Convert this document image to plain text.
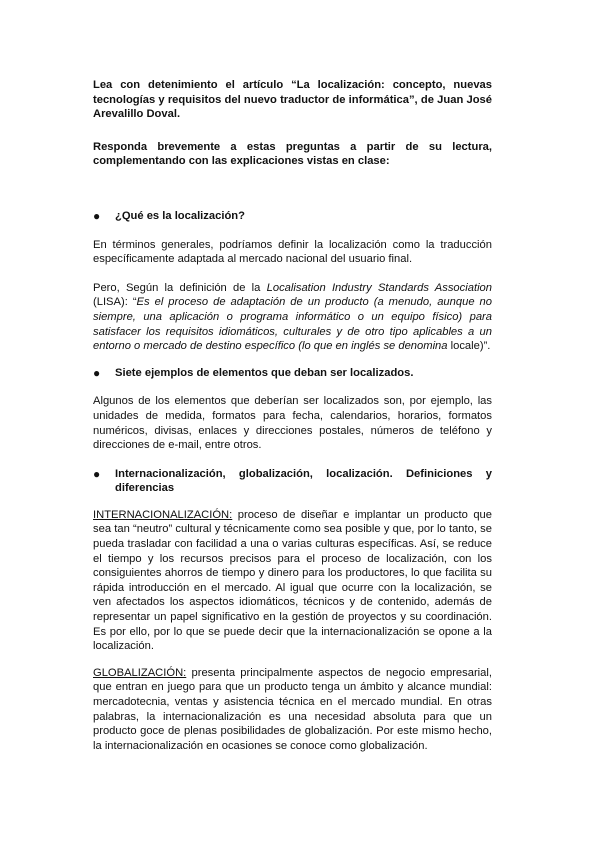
Lea con detenimiento el artículo “La localización: concepto, nuevas tecnologías y requisitos del nuevo traductor de informática”, de Juan José Arevalillo Doval.

Responda brevemente a estas preguntas a partir de su lectura, complementando con las explicaciones vistas en clase:

●	¿Qué es la localización?

En términos generales, podríamos definir la localización como la traducción específicamente adaptada al mercado nacional del usuario final.

Pero, Según la definición de la Localisation Industry Standards Association (LISA): “Es el proceso de adaptación de un producto (a menudo, aunque no siempre, una aplicación o programa informático o un equipo físico) para satisfacer los requisitos idiomáticos, culturales y de otro tipo aplicables a un entorno o mercado de destino específico (lo que en inglés se denomina locale)”.

●	Siete ejemplos de elementos que deban ser localizados.

Algunos de los elementos que deberían ser localizados son, por ejemplo, las unidades de medida, formatos para fecha, calendarios, horarios, formatos numéricos, divisas, enlaces y direcciones postales, números de teléfono y direcciones de e-mail, entre otros.

●	Internacionalización, globalización, localización. Definiciones y diferencias

INTERNACIONALIZACIÓN: proceso de diseñar e implantar un producto que sea tan “neutro” cultural y técnicamente como sea posible y que, por lo tanto, se pueda trasladar con facilidad a una o varias culturas específicas. Así, se reduce el tiempo y los recursos precisos para el proceso de localización, con los consiguientes ahorros de tiempo y dinero para los productores, lo que facilita su rápida introducción en el mercado. Al igual que ocurre con la localización, se ven afectados los aspectos idiomáticos, técnicos y de contenido, además de representar un papel significativo en la gestión de proyectos y su coordinación. Es por ello, por lo que se puede decir que la internacionalización se opone a la localización.

GLOBALIZACIÓN: presenta principalmente aspectos de negocio empresarial, que entran en juego para que un producto tenga un ámbito y alcance mundial: mercadotecnia, ventas y asistencia técnica en el mercado mundial. En otras palabras, la internacionalización es una necesidad absoluta para que un producto goce de plenas posibilidades de globalización. Por este mismo hecho, la internacionalización en ocasiones se conoce como globalización.
